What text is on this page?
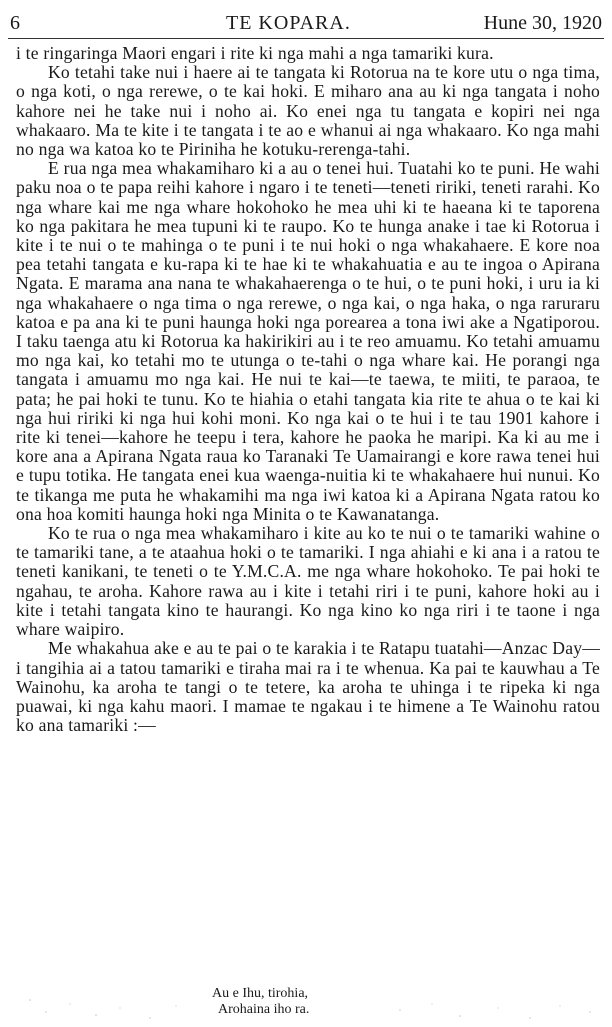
6	TE KOPARA.	Hune 30, 1920

i te ringaringa Maori engari i rite ki nga mahi a nga tamariki kura.

Ko tetahi take nui i haere ai te tangata ki Rotorua na te kore utu o nga tima, o nga koti, o nga rerewe, o te kai hoki. E miharo ana au ki nga tangata i noho kahore nei he take nui i noho ai. Ko enei nga tu tangata e kopiri nei nga whakaaro. Ma te kite i te tangata i te ao e whanui ai nga whakaaro. Ko nga mahi no nga wa katoa ko te Piriniha he kotuku-rerenga-tahi.

E rua nga mea whakamiharo ki a au o tenei hui. Tuatahi ko te puni. He wahi paku noa o te papa reihi kahore i ngaro i te teneti—teneti ririki, teneti rarahi. Ko nga whare kai me nga whare hokohoko he mea uhi ki te haeana ki te taporena ko nga pakitara he mea tupuni ki te raupo. Ko te hunga anake i tae ki Rotorua i kite i te nui o te mahinga o te puni i te nui hoki o nga whakahaere. E kore noa pea tetahi tangata e ku-rapa ki te hae ki te whakahuatia e au te ingoa o Apirana Ngata. E marama ana nana te whakahaerenga o te hui, o te puni hoki, i uru ia ki nga whakahaere o nga tima o nga rerewe, o nga kai, o nga haka, o nga raruraru katoa e pa ana ki te puni haunga hoki nga porearea a tona iwi ake a Ngatiporou. I taku taenga atu ki Rotorua ka hakirikiri au i te reo amuamu. Ko tetahi amuamu mo nga kai, ko tetahi mo te utunga o te-tahi o nga whare kai. He porangi nga tangata i amuamu mo nga kai. He nui te kai—te taewa, te miiti, te paraoa, te pata; he pai hoki te tunu. Ko te hiahia o etahi tangata kia rite te ahua o te kai ki nga hui ririki ki nga hui kohi moni. Ko nga kai o te hui i te tau 1901 kahore i rite ki tenei—kahore he teepu i tera, kahore he paoka he maripi. Ka ki au me i kore ana a Apirana Ngata raua ko Taranaki Te Uamairangi e kore rawa tenei hui e tupu totika. He tangata enei kua waenga-nuitia ki te whakahaere hui nunui. Ko te tikanga me puta he whakamihi ma nga iwi katoa ki a Apirana Ngata ratou ko ona hoa komiti haunga hoki nga Minita o te Kawanatanga.

Ko te rua o nga mea whakamiharo i kite au ko te nui o te tamariki wahine o te tamariki tane, a te ataahua hoki o te tamariki. I nga ahiahi e ki ana i a ratou te teneti kanikani, te teneti o te Y.M.C.A. me nga whare hokohoko. Te pai hoki te ngahau, te aroha. Kahore rawa au i kite i tetahi riri i te puni, kahore hoki au i kite i tetahi tangata kino te haurangi. Ko nga kino ko nga riri i te taone i nga whare waipiro.

Me whakahua ake e au te pai o te karakia i te Ratapu tuatahi—Anzac Day—i tangihia ai a tatou tamariki e tiraha mai ra i te whenua. Ka pai te kauwhau a Te Wainohu, ka aroha te tangi o te tetere, ka aroha te uhinga i te ripeka ki nga puawai, ki nga kahu maori. I mamae te ngakau i te himene a Te Wainohu ratou ko ana tamariki :—

Au e Ihu, tirohia,
Arohaina iho ra.
